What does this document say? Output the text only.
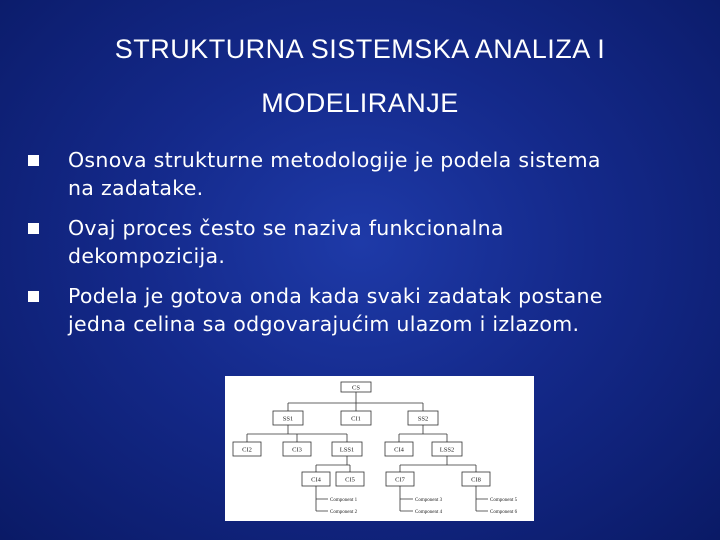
STRUKTURNA SISTEMSKA ANALIZA I
MODELIRANJE
Osnova strukturne metodologije je podela sistema
na zadatake.
Ovaj proces često se naziva funkcionalna
dekompozicija.
Podela je gotova onda kada svaki zadatak postane
jedna celina sa odgovarajućim ulazom i izlazom.
CS
SS1	CI1	SS2
CI2	CI3	LSS1	CI4	LSS2
CI4	CI5	CI7	CI8
Component 1
Component 2
Component 3
Component 4
Component 5
Component 6
